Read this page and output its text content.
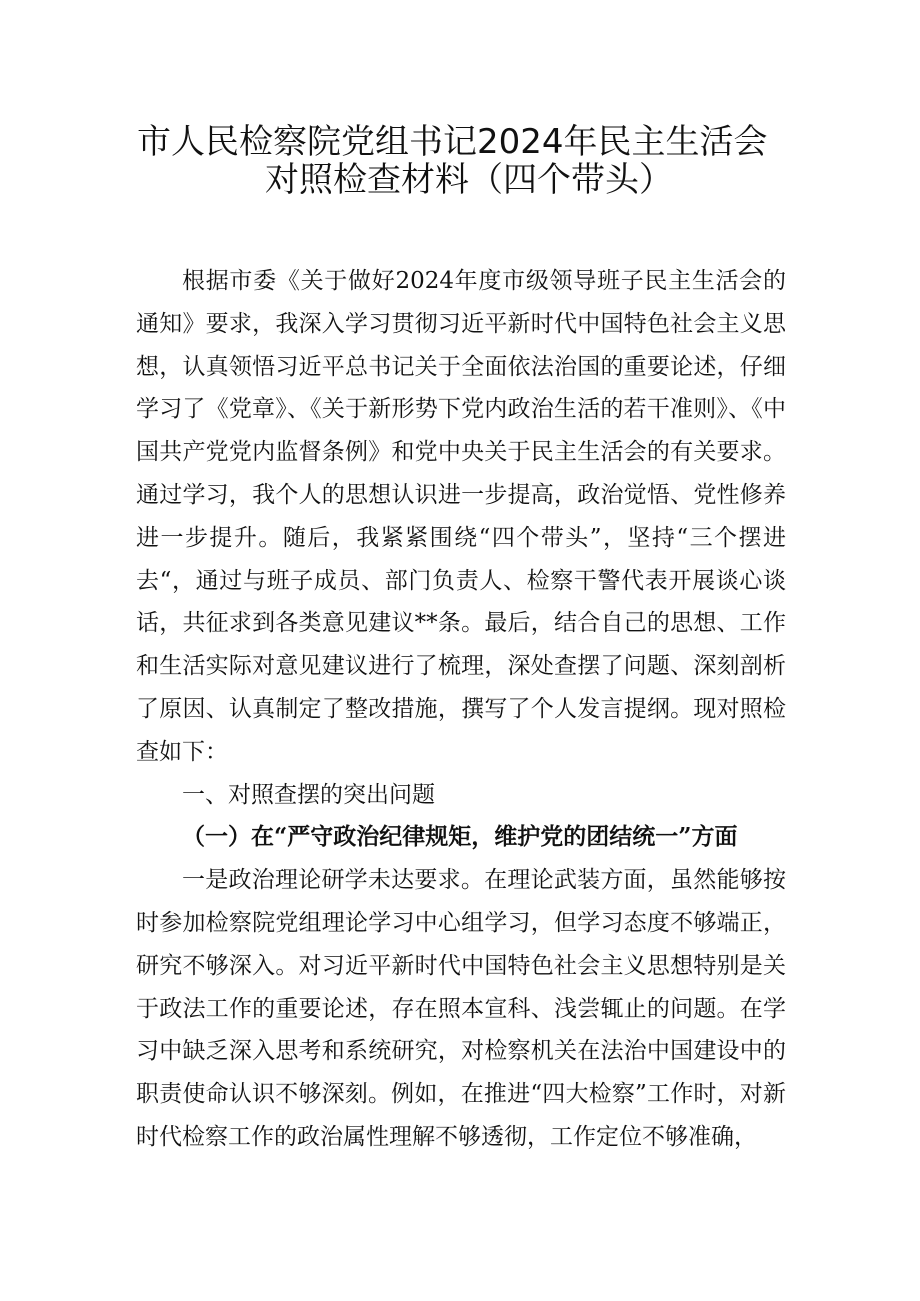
市人民检察院党组书记2024年民主生活会
对照检查材料（四个带头）

根据市委《关于做好2024年度市级领导班子民主生活会的通知》要求，我深入学习贯彻习近平新时代中国特色社会主义思想，认真领悟习近平总书记关于全面依法治国的重要论述，仔细学习了《党章》、《关于新形势下党内政治生活的若干准则》、《中国共产党党内监督条例》和党中央关于民主生活会的有关要求。通过学习，我个人的思想认识进一步提高，政治觉悟、党性修养进一步提升。随后，我紧紧围绕“四个带头”，坚持“三个摆进去“，通过与班子成员、部门负责人、检察干警代表开展谈心谈话，共征求到各类意见建议**条。最后，结合自己的思想、工作和生活实际对意见建议进行了梳理，深处查摆了问题、深刻剖析了原因、认真制定了整改措施，撰写了个人发言提纲。现对照检查如下：

一、对照查摆的突出问题

（一）在“严守政治纪律规矩，维护党的团结统一”方面

一是政治理论研学未达要求。在理论武装方面，虽然能够按时参加检察院党组理论学习中心组学习，但学习态度不够端正，研究不够深入。对习近平新时代中国特色社会主义思想特别是关于政法工作的重要论述，存在照本宣科、浅尝辄止的问题。在学习中缺乏深入思考和系统研究，对检察机关在法治中国建设中的职责使命认识不够深刻。例如，在推进“四大检察”工作时，对新时代检察工作的政治属性理解不够透彻，工作定位不够准确，
